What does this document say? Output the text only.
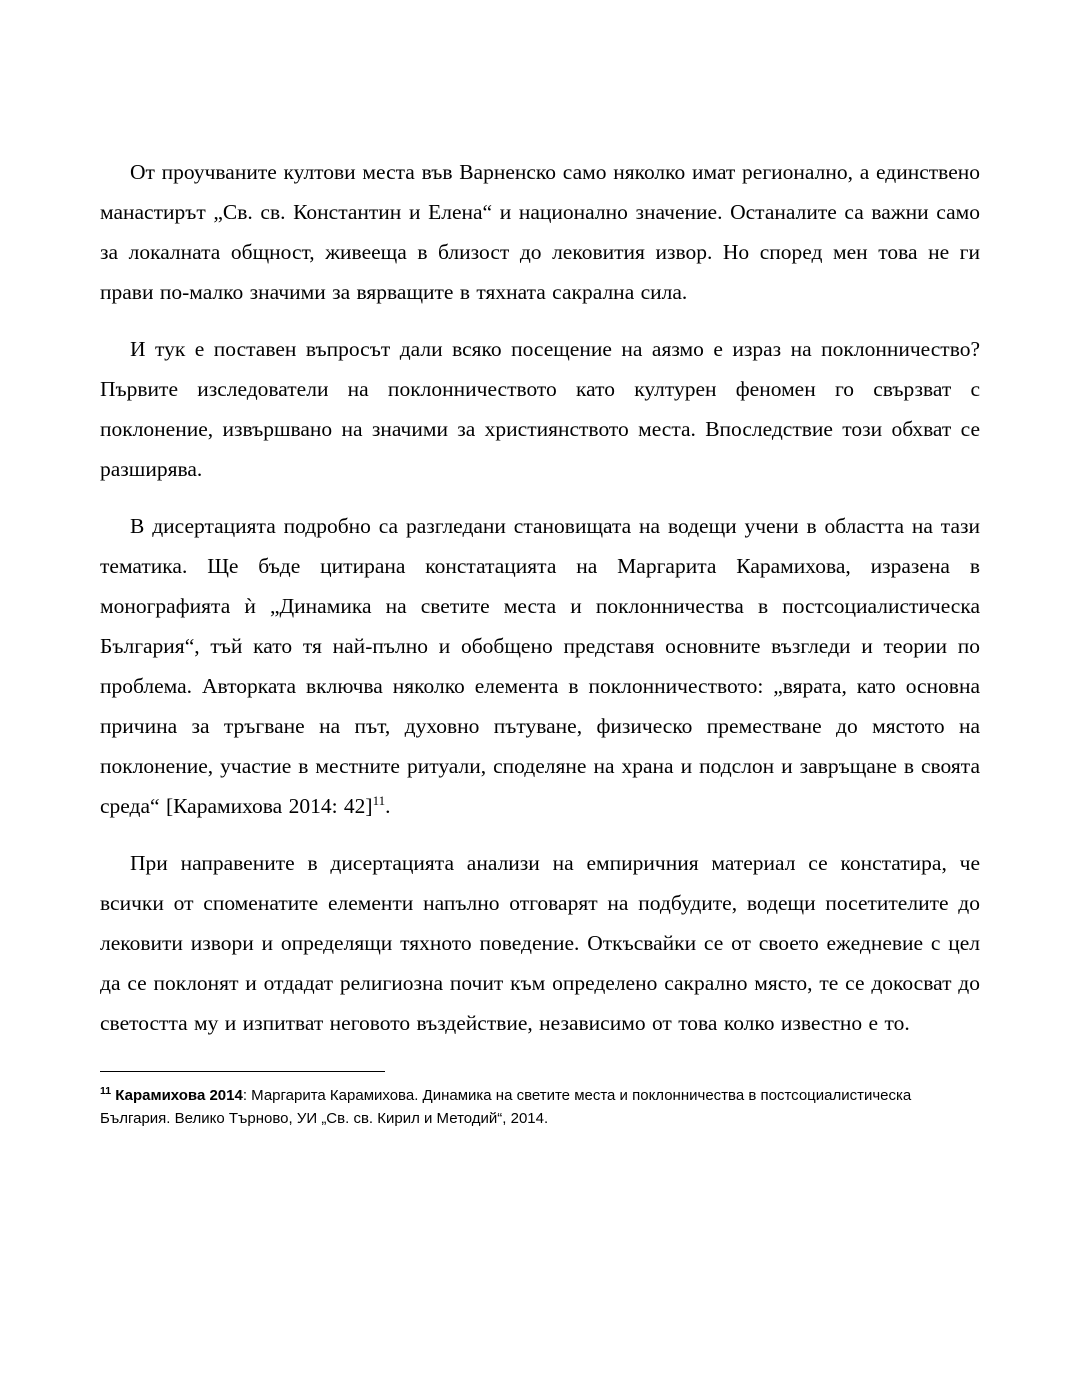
От проучваните култови места във Варненско само няколко имат регионално, а единствено манастирът „Св. св. Константин и Елена“ и национално значение. Останалите са важни само за локалната общност, живееща в близост до лековития извор. Но според мен това не ги прави по-малко значими за вярващите в тяхната сакрална сила.

И тук е поставен въпросът дали всяко посещение на аязмо е израз на поклонничество? Първите изследователи на поклонничеството като културен феномен го свързват с поклонение, извършвано на значими за християнството места. Впоследствие този обхват се разширява.

В дисертацията подробно са разгледани становищата на водещи учени в областта на тази тематика. Ще бъде цитирана констатацията на Маргарита Карамихова, изразена в монографията ѝ „Динамика на светите места и поклонничества в постсоциалистическа България“, тъй като тя най-пълно и обобщено представя основните възгледи и теории по проблема. Авторката включва няколко елемента в поклонничеството: „вярата, като основна причина за тръгване на път, духовно пътуване, физическо преместване до мястото на поклонение, участие в местните ритуали, споделяне на храна и подслон и завръщане в своята среда“ [Карамихова 2014: 42]$^{11}$.

При направените в дисертацията анализи на емпиричния материал се констатира, че всички от споменатите елементи напълно отговарят на подбудите, водещи посетителите до лековити извори и определящи тяхното поведение. Откъсвайки се от своето ежедневие с цел да се поклонят и отдадат религиозна почит към определено сакрално място, те се докосват до светостта му и изпитват неговото въздействие, независимо от това колко известно е то.

$^{11}$ Карамихова 2014: Маргарита Карамихова. Динамика на светите места и поклонничества в постсоциалистическа България. Велико Търново, УИ „Св. св. Кирил и Методий“, 2014.
